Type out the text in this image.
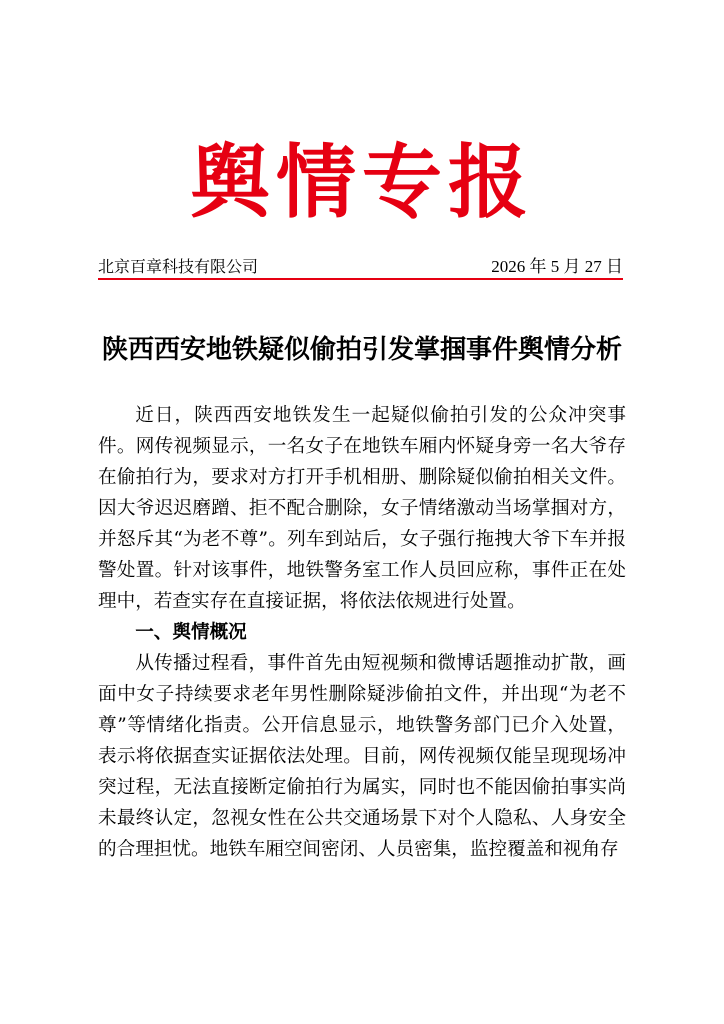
舆情专报
北京百章科技有限公司	2026 年 5 月 27 日
陕西西安地铁疑似偷拍引发掌掴事件舆情分析

近日，陕西西安地铁发生一起疑似偷拍引发的公众冲突事件。网传视频显示，一名女子在地铁车厢内怀疑身旁一名大爷存在偷拍行为，要求对方打开手机相册、删除疑似偷拍相关文件。因大爷迟迟磨蹭、拒不配合删除，女子情绪激动当场掌掴对方，并怒斥其“为老不尊”。列车到站后，女子强行拖拽大爷下车并报警处置。针对该事件，地铁警务室工作人员回应称，事件正在处理中，若查实存在直接证据，将依法依规进行处置。

一、舆情概况

从传播过程看，事件首先由短视频和微博话题推动扩散，画面中女子持续要求老年男性删除疑涉偷拍文件，并出现“为老不尊”等情绪化指责。公开信息显示，地铁警务部门已介入处置，表示将依据查实证据依法处理。目前，网传视频仅能呈现现场冲突过程，无法直接断定偷拍行为属实，同时也不能因偷拍事实尚未最终认定，忽视女性在公共交通场景下对个人隐私、人身安全的合理担忧。地铁车厢空间密闭、人员密集，监控覆盖和视角存
